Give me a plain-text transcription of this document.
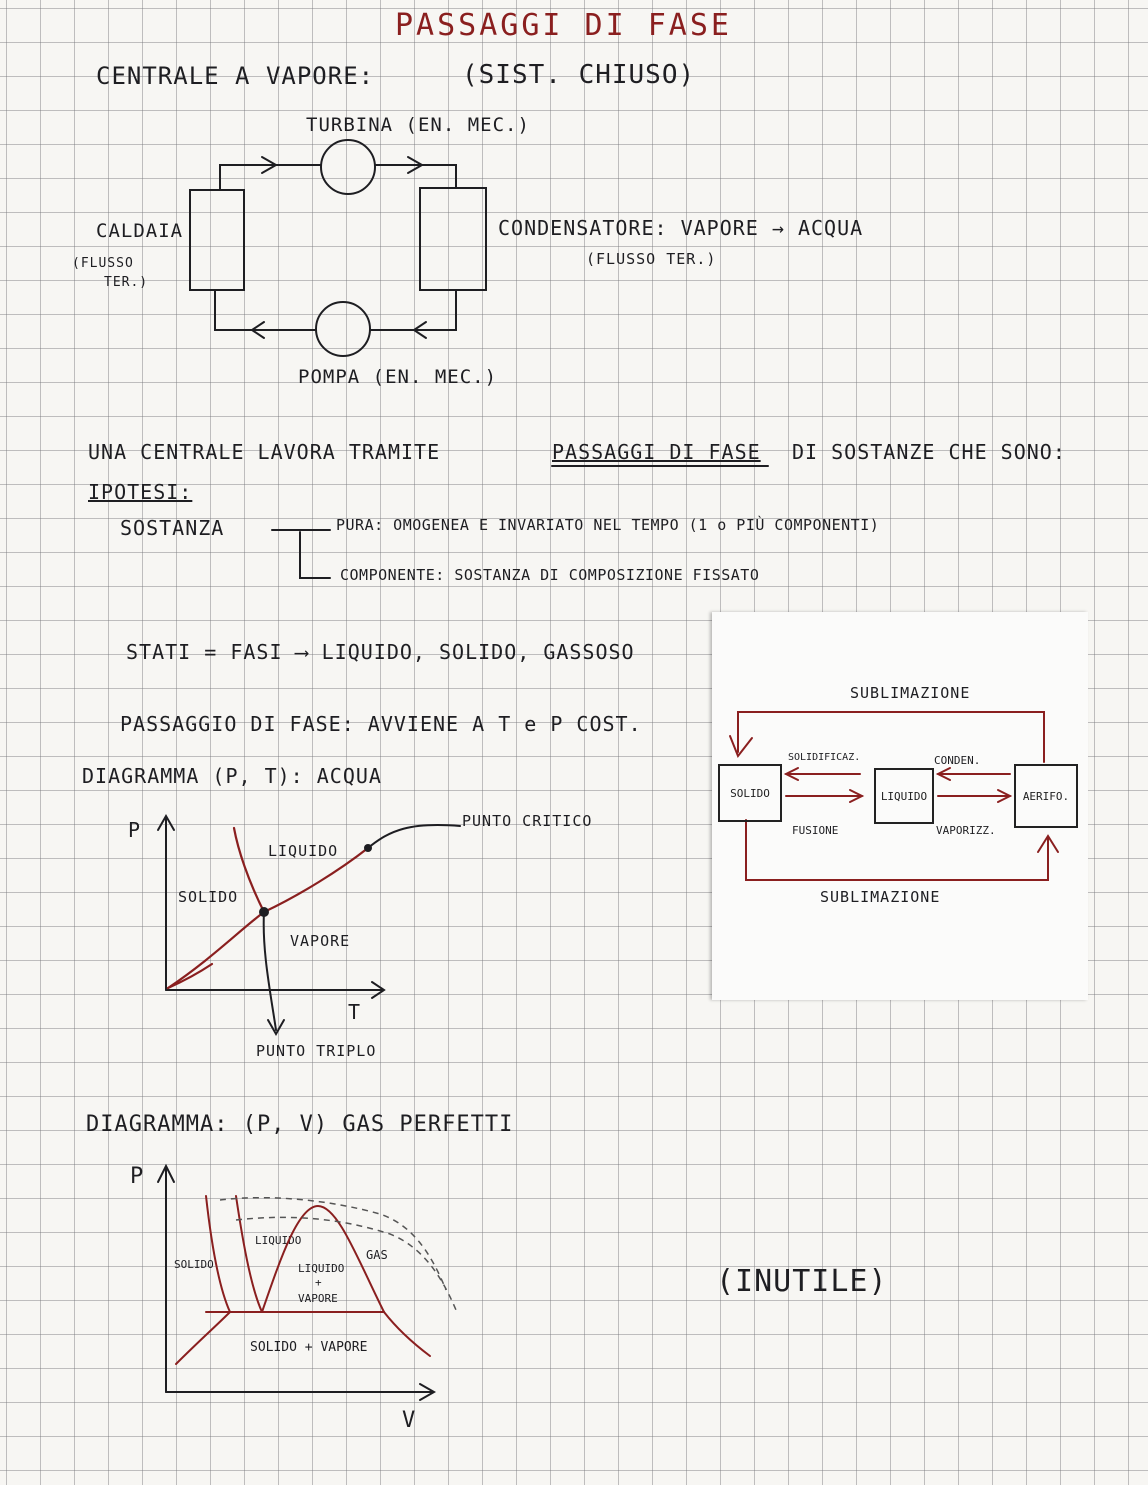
PASSAGGI DI FASE
CENTRALE A VAPORE:	(SIST. CHIUSO)
TURBINA (EN. MEC.)
CALDAIA
(FLUSSO
TER.)
CONDENSATORE: VAPORE → ACQUA
(FLUSSO TER.)
POMPA (EN. MEC.)
UNA CENTRALE LAVORA TRAMITE	PASSAGGI DI FASE DI SOSTANZE CHE SONO:
IPOTESI:
SOSTANZA	PURA: OMOGENEA E INVARIATO NEL TEMPO (1 o PIÙ COMPONENTI)
COMPONENTE: SOSTANZA DI COMPOSIZIONE FISSATO
STATI = FASI ⟶ LIQUIDO, SOLIDO, GASSOSO
PASSAGGIO DI FASE: AVVIENE A T e P COST.
DIAGRAMMA (P, T): ACQUA
P
T
SOLIDO
LIQUIDO
VAPORE
PUNTO CRITICO
PUNTO TRIPLO
DIAGRAMMA: (P, V) GAS PERFETTI
P
V
SOLIDO
LIQUIDO
LIQUIDO
+
VAPORE
GAS
SOLIDO + VAPORE
(INUTILE)
SUBLIMAZIONE
SUBLIMAZIONE
SOLIDO	LIQUIDO	AERIFO.
SOLIDIFICAZ.	CONDEN.
FUSIONE	VAPORIZZ.
